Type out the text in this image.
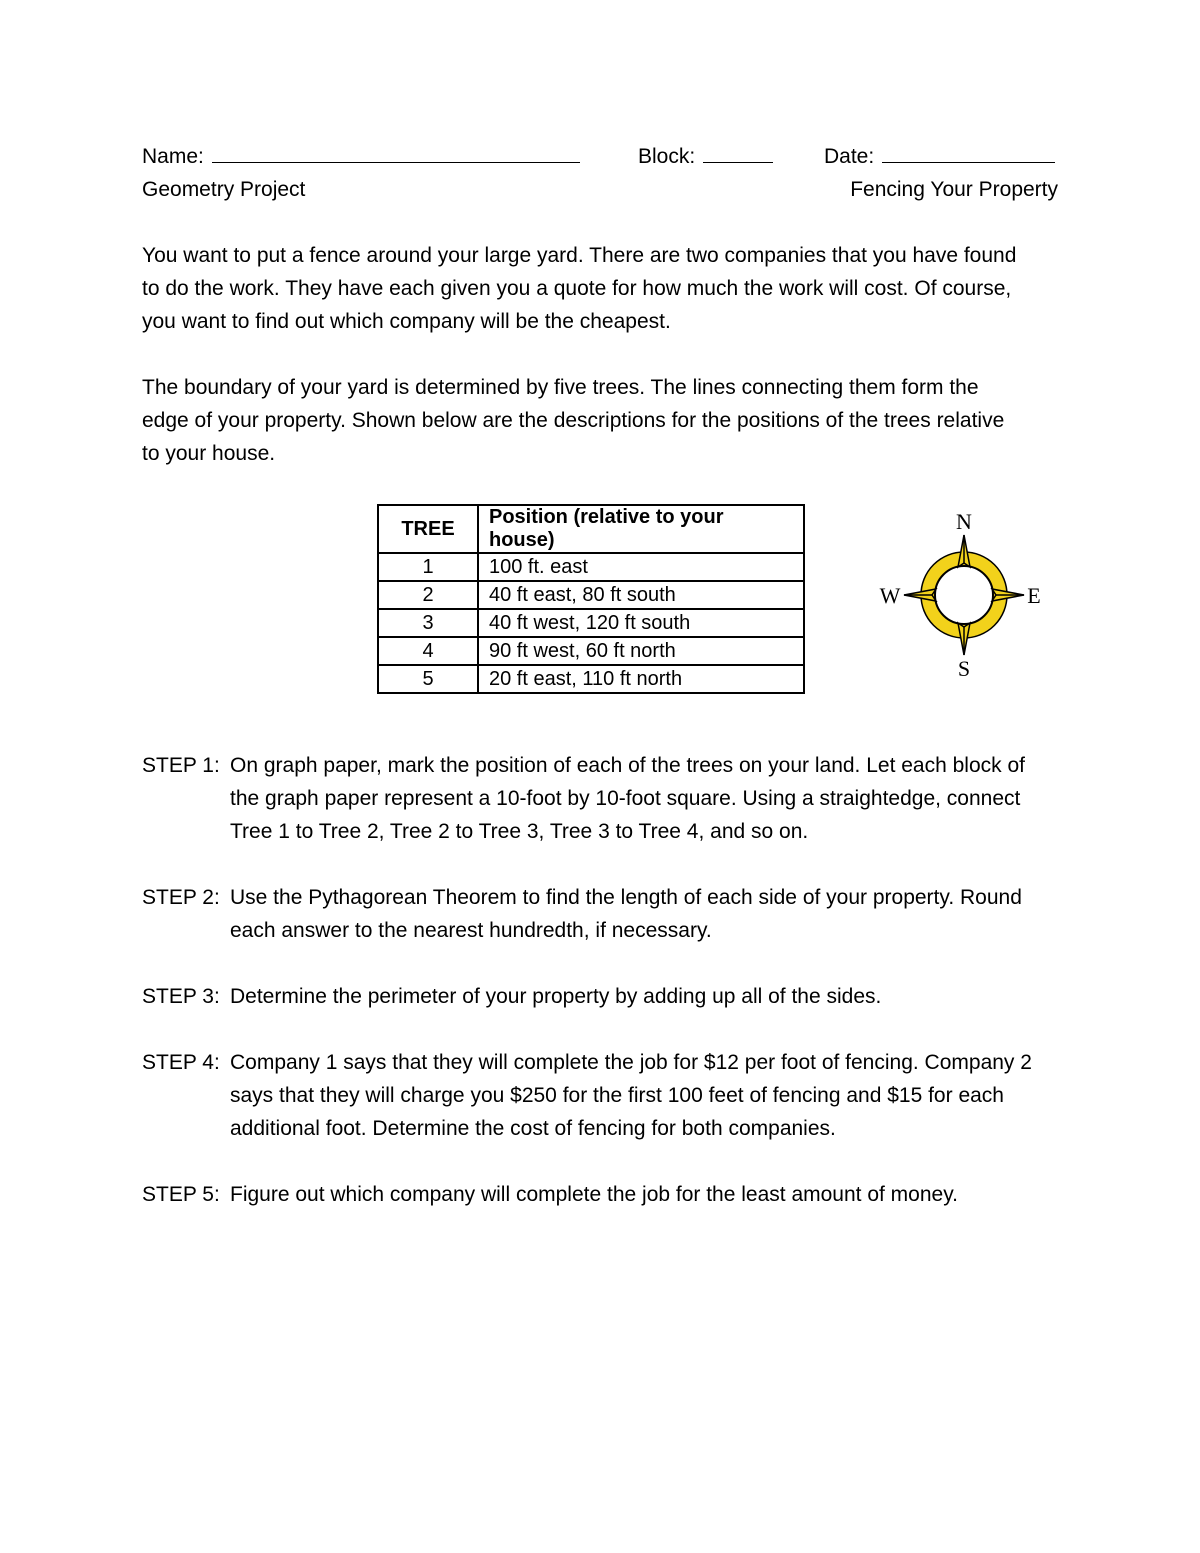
Name:	Block:	Date:
Geometry Project	Fencing Your Property
You want to put a fence around your large yard. There are two companies that you have found
to do the work. They have each given you a quote for how much the work will cost. Of course,
you want to find out which company will be the cheapest.
The boundary of your yard is determined by five trees. The lines connecting them form the
edge of your property. Shown below are the descriptions for the positions of the trees relative
to your house.
TREE	Position (relative to your house)
1	100 ft. east
2	40 ft east, 80 ft south
3	40 ft west, 120 ft south
4	90 ft west, 60 ft north
5	20 ft east, 110 ft north
N
S
W	E
STEP 1: On graph paper, mark the position of each of the trees on your land. Let each block of
the graph paper represent a 10-foot by 10-foot square. Using a straightedge, connect
Tree 1 to Tree 2, Tree 2 to Tree 3, Tree 3 to Tree 4, and so on.
STEP 2: Use the Pythagorean Theorem to find the length of each side of your property. Round
each answer to the nearest hundredth, if necessary.
STEP 3: Determine the perimeter of your property by adding up all of the sides.
STEP 4: Company 1 says that they will complete the job for $12 per foot of fencing. Company 2
says that they will charge you $250 for the first 100 feet of fencing and $15 for each
additional foot. Determine the cost of fencing for both companies.
STEP 5: Figure out which company will complete the job for the least amount of money.
